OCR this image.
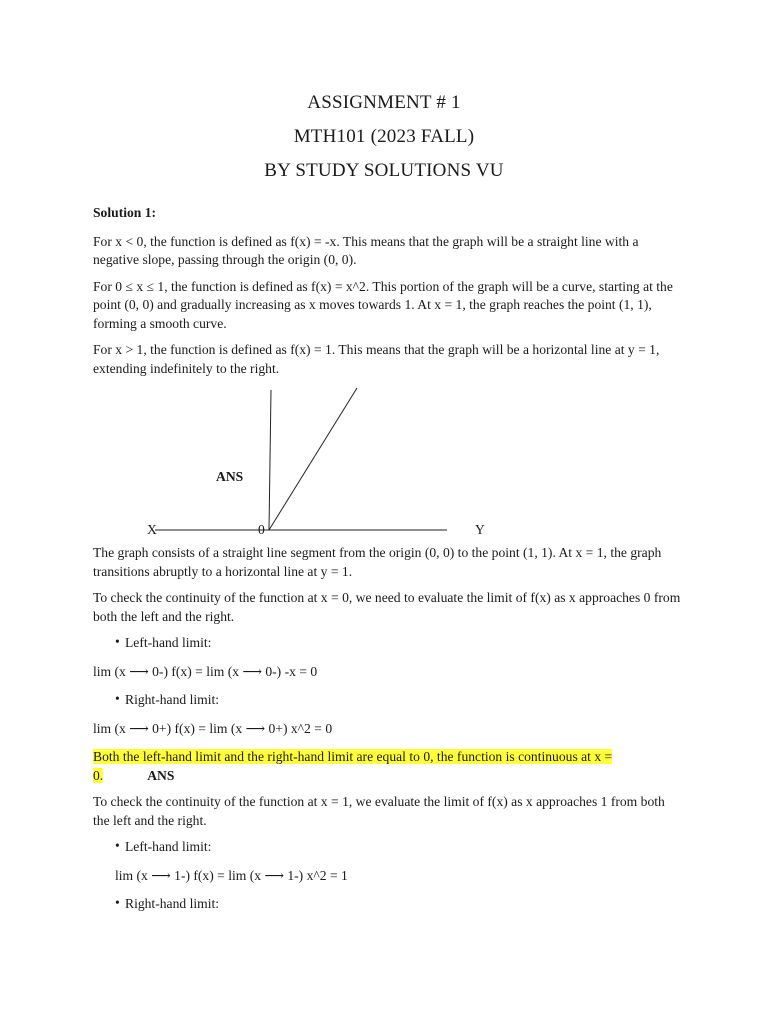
ASSIGNMENT # 1
MTH101 (2023 FALL)
BY STUDY SOLUTIONS VU
Solution 1:

For x < 0, the function is defined as f(x) = -x. This means that the graph will be a straight line with a negative slope, passing through the origin (0, 0).

For 0 ≤ x ≤ 1, the function is defined as f(x) = x^2. This portion of the graph will be a curve, starting at the point (0, 0) and gradually increasing as x moves towards 1. At x = 1, the graph reaches the point (1, 1), forming a smooth curve.

For x > 1, the function is defined as f(x) = 1. This means that the graph will be a horizontal line at y = 1, extending indefinitely to the right.

ANS
X	0	Y

The graph consists of a straight line segment from the origin (0, 0) to the point (1, 1). At x = 1, the graph transitions abruptly to a horizontal line at y = 1.

To check the continuity of the function at x = 0, we need to evaluate the limit of f(x) as x approaches 0 from both the left and the right.

• Left-hand limit:
lim (x ⟶ 0-) f(x) = lim (x ⟶ 0-) -x = 0
• Right-hand limit:
lim (x ⟶ 0+) f(x) = lim (x ⟶ 0+) x^2 = 0

Both the left-hand limit and the right-hand limit are equal to 0, the function is continuous at x = 0.	ANS

To check the continuity of the function at x = 1, we evaluate the limit of f(x) as x approaches 1 from both the left and the right.

• Left-hand limit:
lim (x ⟶ 1-) f(x) = lim (x ⟶ 1-) x^2 = 1
• Right-hand limit:
